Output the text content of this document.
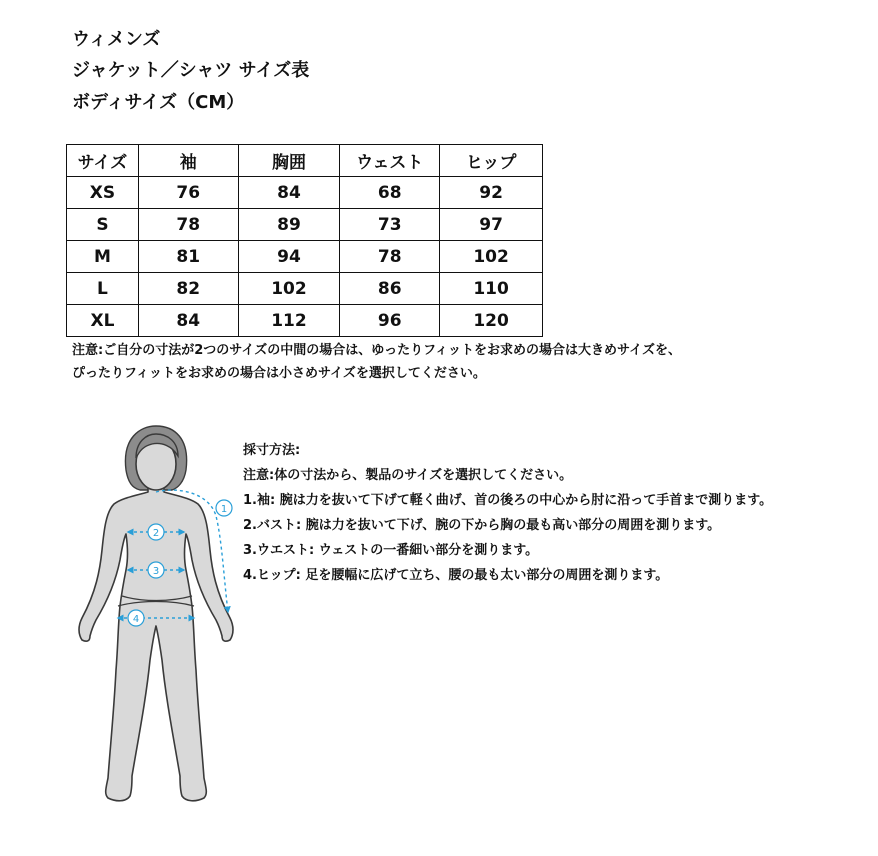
ウィメンズ
ジャケット／シャツ サイズ表
ボディサイズ（CM）
サイズ	袖	胸囲	ウェスト	ヒップ
XS	76	84	68	92
S	78	89	73	97
M	81	94	78	102
L	82	102	86	110
XL	84	112	96	120
注意:ご自分の寸法が2つのサイズの中間の場合は、ゆったりフィットをお求めの場合は大きめサイズを、
ぴったりフィットをお求めの場合は小さめサイズを選択してください。
1
2
3
4
採寸方法:
注意:体の寸法から、製品のサイズを選択してください。
1.袖: 腕は力を抜いて下げて軽く曲げ、首の後ろの中心から肘に沿って手首まで測ります。
2.バスト: 腕は力を抜いて下げ、腕の下から胸の最も高い部分の周囲を測ります。
3.ウエスト: ウェストの一番細い部分を測ります。
4.ヒップ: 足を腰幅に広げて立ち、腰の最も太い部分の周囲を測ります。
